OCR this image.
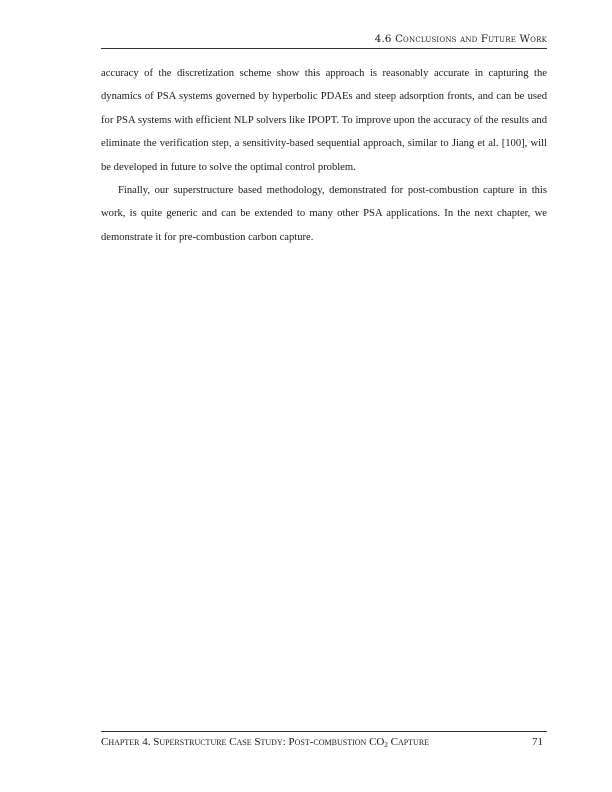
4.6 Conclusions and Future Work

accuracy of the discretization scheme show this approach is reasonably accurate in capturing the dynamics of PSA systems governed by hyperbolic PDAEs and steep adsorption fronts, and can be used for PSA systems with efficient NLP solvers like IPOPT. To improve upon the accuracy of the results and eliminate the verification step, a sensitivity-based sequential approach, similar to Jiang et al. [100], will be developed in future to solve the optimal control problem.

Finally, our superstructure based methodology, demonstrated for post-combustion capture in this work, is quite generic and can be extended to many other PSA applications. In the next chapter, we demonstrate it for pre-combustion carbon capture.

Chapter 4. Superstructure Case Study: Post-combustion $CO_2$ Capture	71
